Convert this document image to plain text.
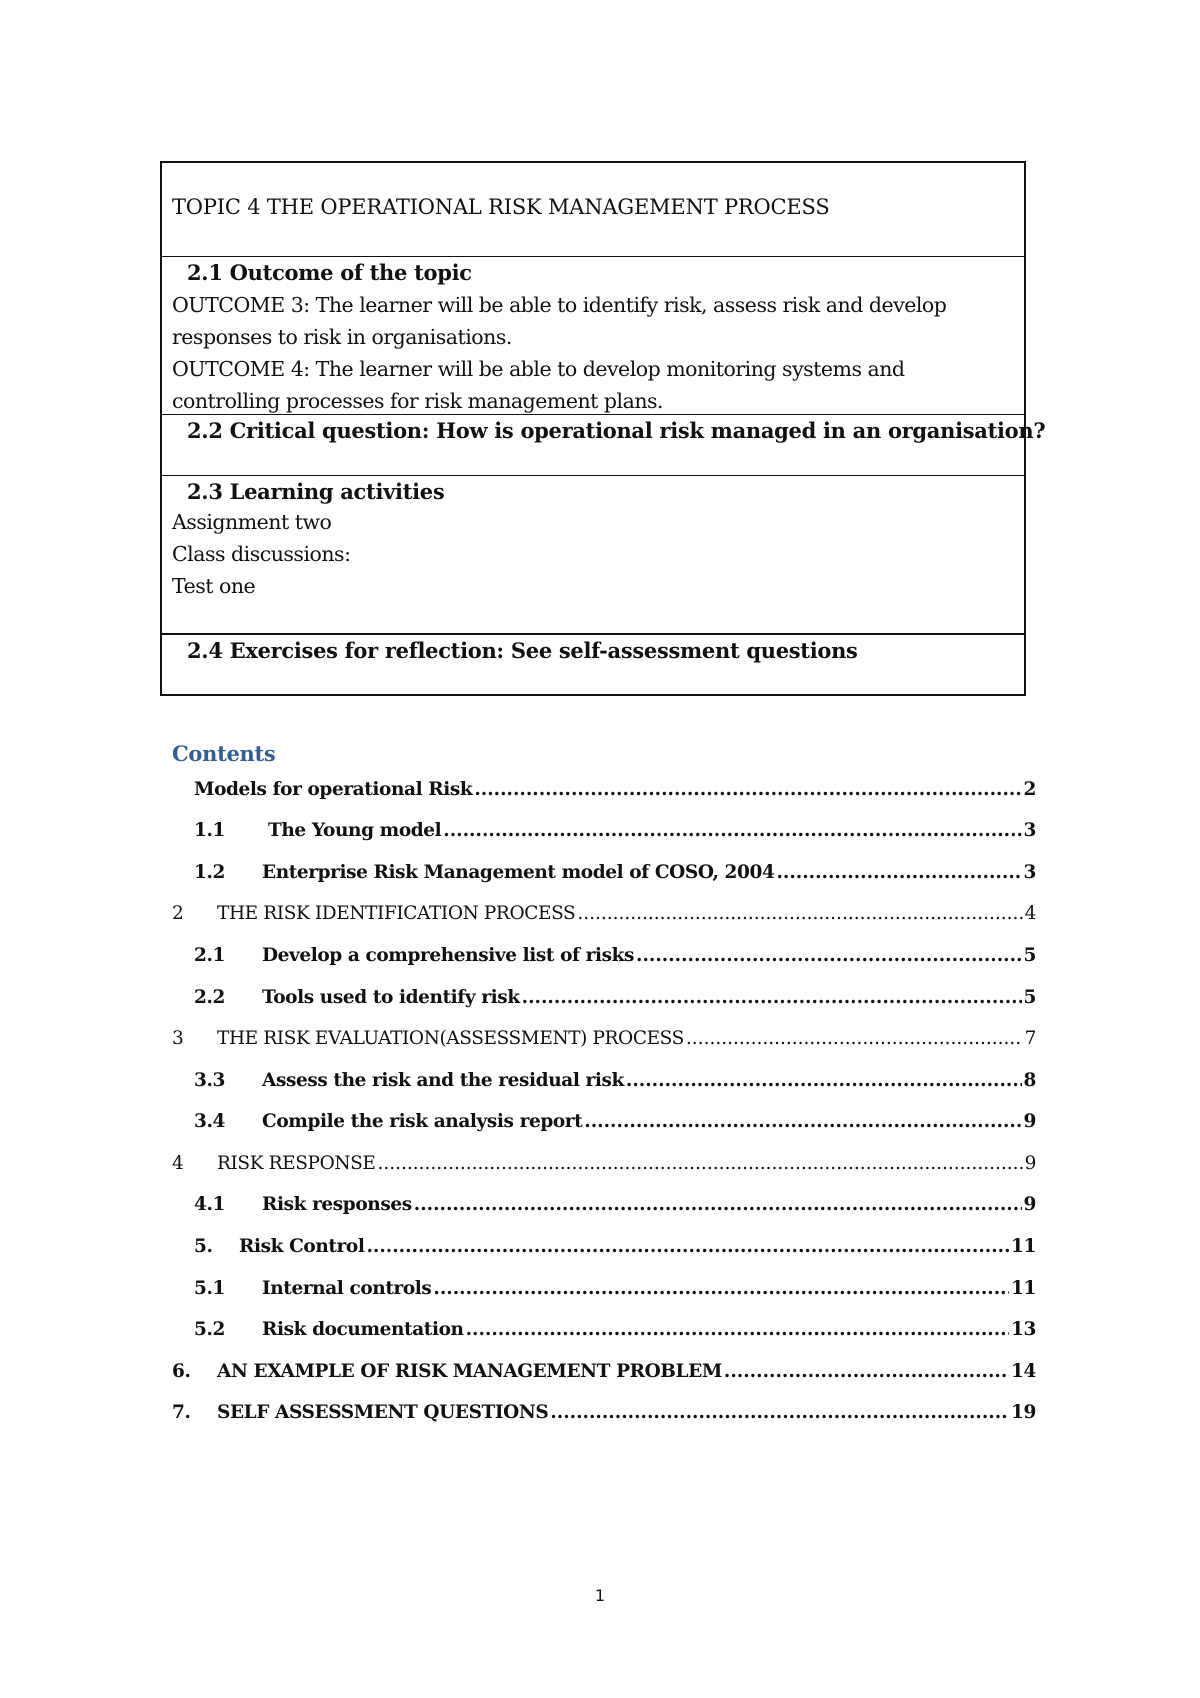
TOPIC 4 THE OPERATIONAL RISK MANAGEMENT PROCESS
2.1 Outcome of the topic
OUTCOME 3: The learner will be able to identify risk, assess risk and develop responses to risk in organisations.
OUTCOME 4: The learner will be able to develop monitoring systems and controlling processes for risk management plans.
2.2 Critical question: How is operational risk managed in an organisation?
2.3 Learning activities
Assignment two
Class discussions:
Test one
2.4 Exercises for reflection: See self-assessment questions
Contents
Models for operational Risk .....	2
1.1	The Young model .....	3
1.2	Enterprise Risk Management model of COSO, 2004 .....	3
2	THE RISK IDENTIFICATION PROCESS .....	4
2.1	Develop a comprehensive list of risks .....	5
2.2	Tools used to identify risk .....	5
3	THE RISK EVALUATION(ASSESSMENT) PROCESS .....	7
3.3	Assess the risk and the residual risk .....	8
3.4	Compile the risk analysis report .....	9
4	RISK RESPONSE .....	9
4.1	Risk responses .....	9
5.	Risk Control .....	11
5.1	Internal controls .....	11
5.2	Risk documentation .....	13
6.	AN EXAMPLE OF RISK MANAGEMENT PROBLEM .....	14
7.	SELF ASSESSMENT QUESTIONS .....	19
1
